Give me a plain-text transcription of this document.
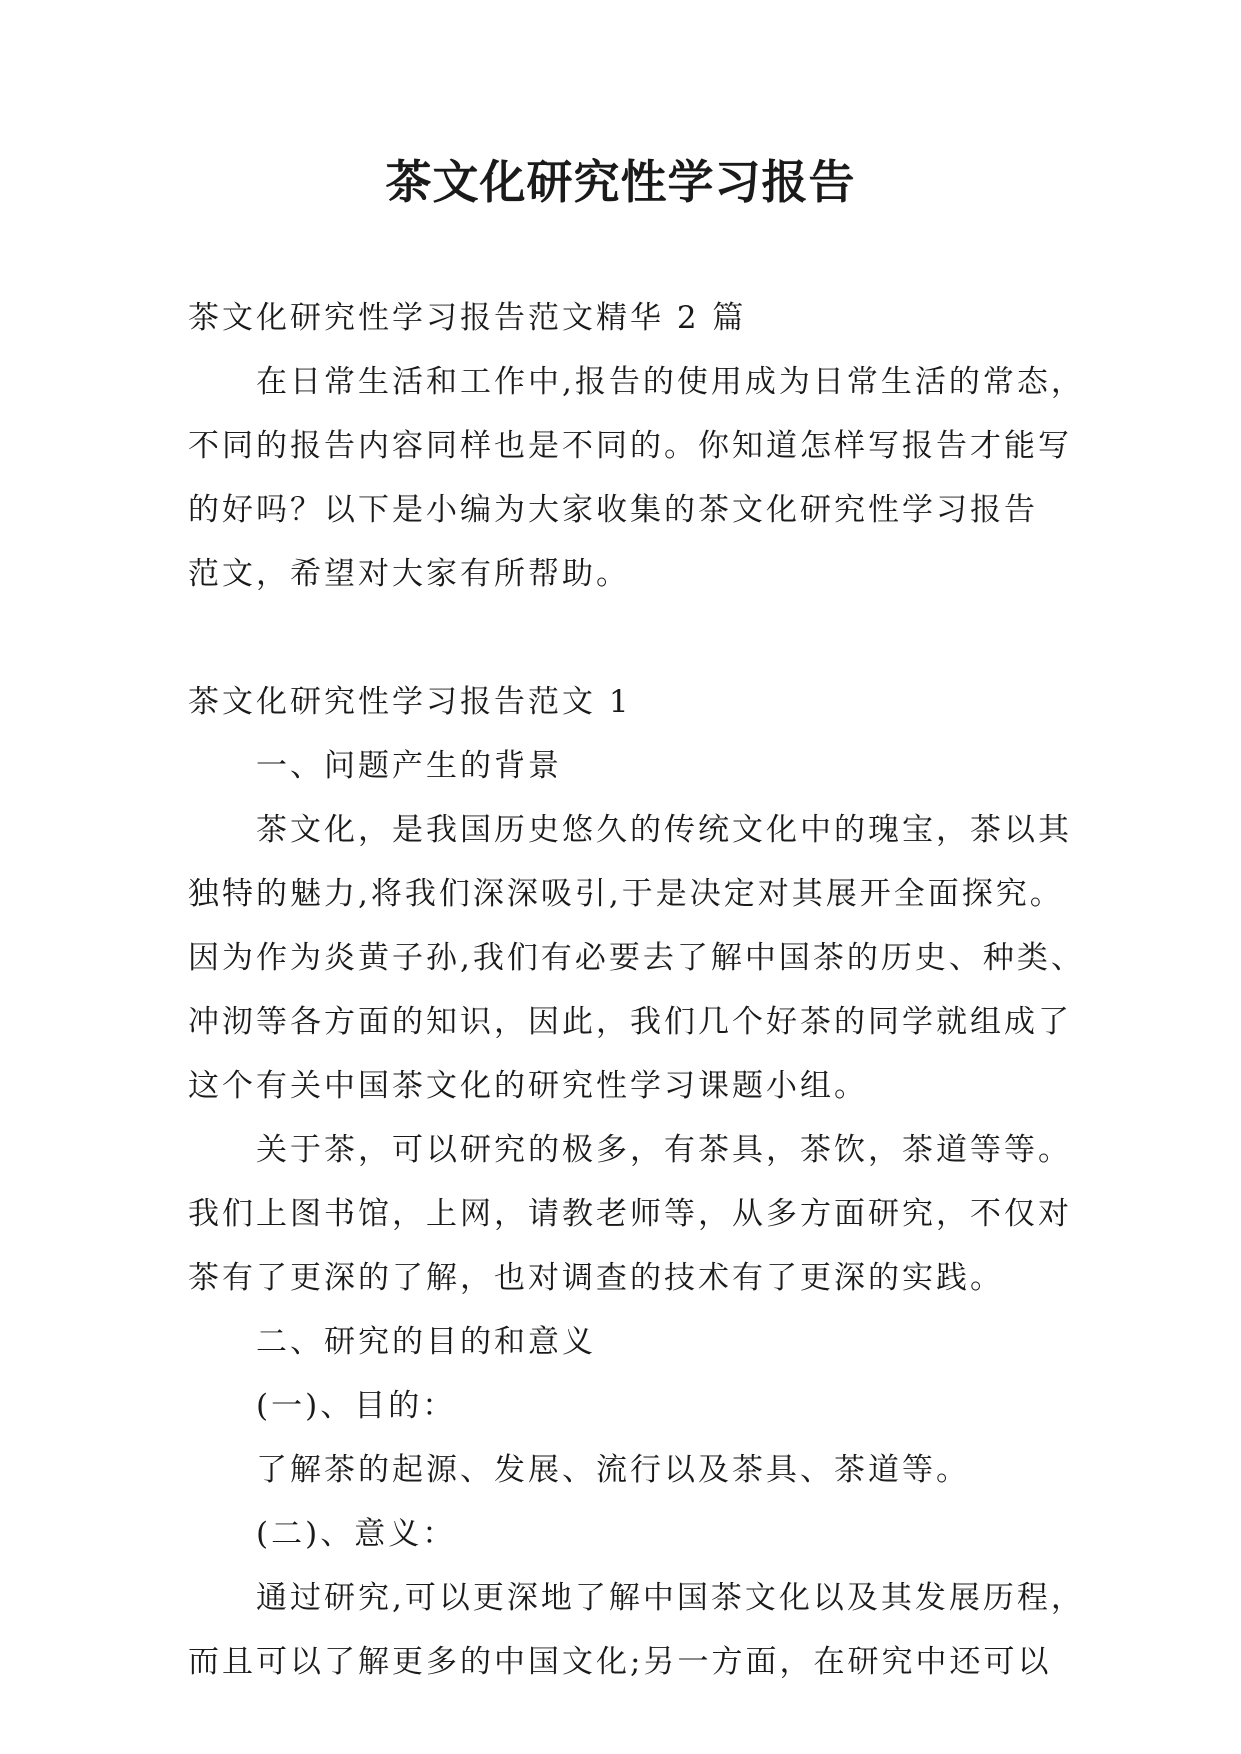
茶文化研究性学习报告
茶文化研究性学习报告范文精华 2 篇
在日常生活和工作中,报告的使用成为日常生活的常态，
不同的报告内容同样也是不同的。你知道怎样写报告才能写
的好吗？以下是小编为大家收集的茶文化研究性学习报告
范文，希望对大家有所帮助。
茶文化研究性学习报告范文 1
一、问题产生的背景
茶文化，是我国历史悠久的传统文化中的瑰宝，茶以其
独特的魅力,将我们深深吸引,于是决定对其展开全面探究。
因为作为炎黄子孙,我们有必要去了解中国茶的历史、种类、
冲沏等各方面的知识，因此，我们几个好茶的同学就组成了
这个有关中国茶文化的研究性学习课题小组。
关于茶，可以研究的极多，有茶具，茶饮，茶道等等。
我们上图书馆，上网，请教老师等，从多方面研究，不仅对
茶有了更深的了解，也对调查的技术有了更深的实践。
二、研究的目的和意义
(一)、目的：
了解茶的起源、发展、流行以及茶具、茶道等。
(二)、意义：
通过研究,可以更深地了解中国茶文化以及其发展历程，
而且可以了解更多的中国文化;另一方面，在研究中还可以
